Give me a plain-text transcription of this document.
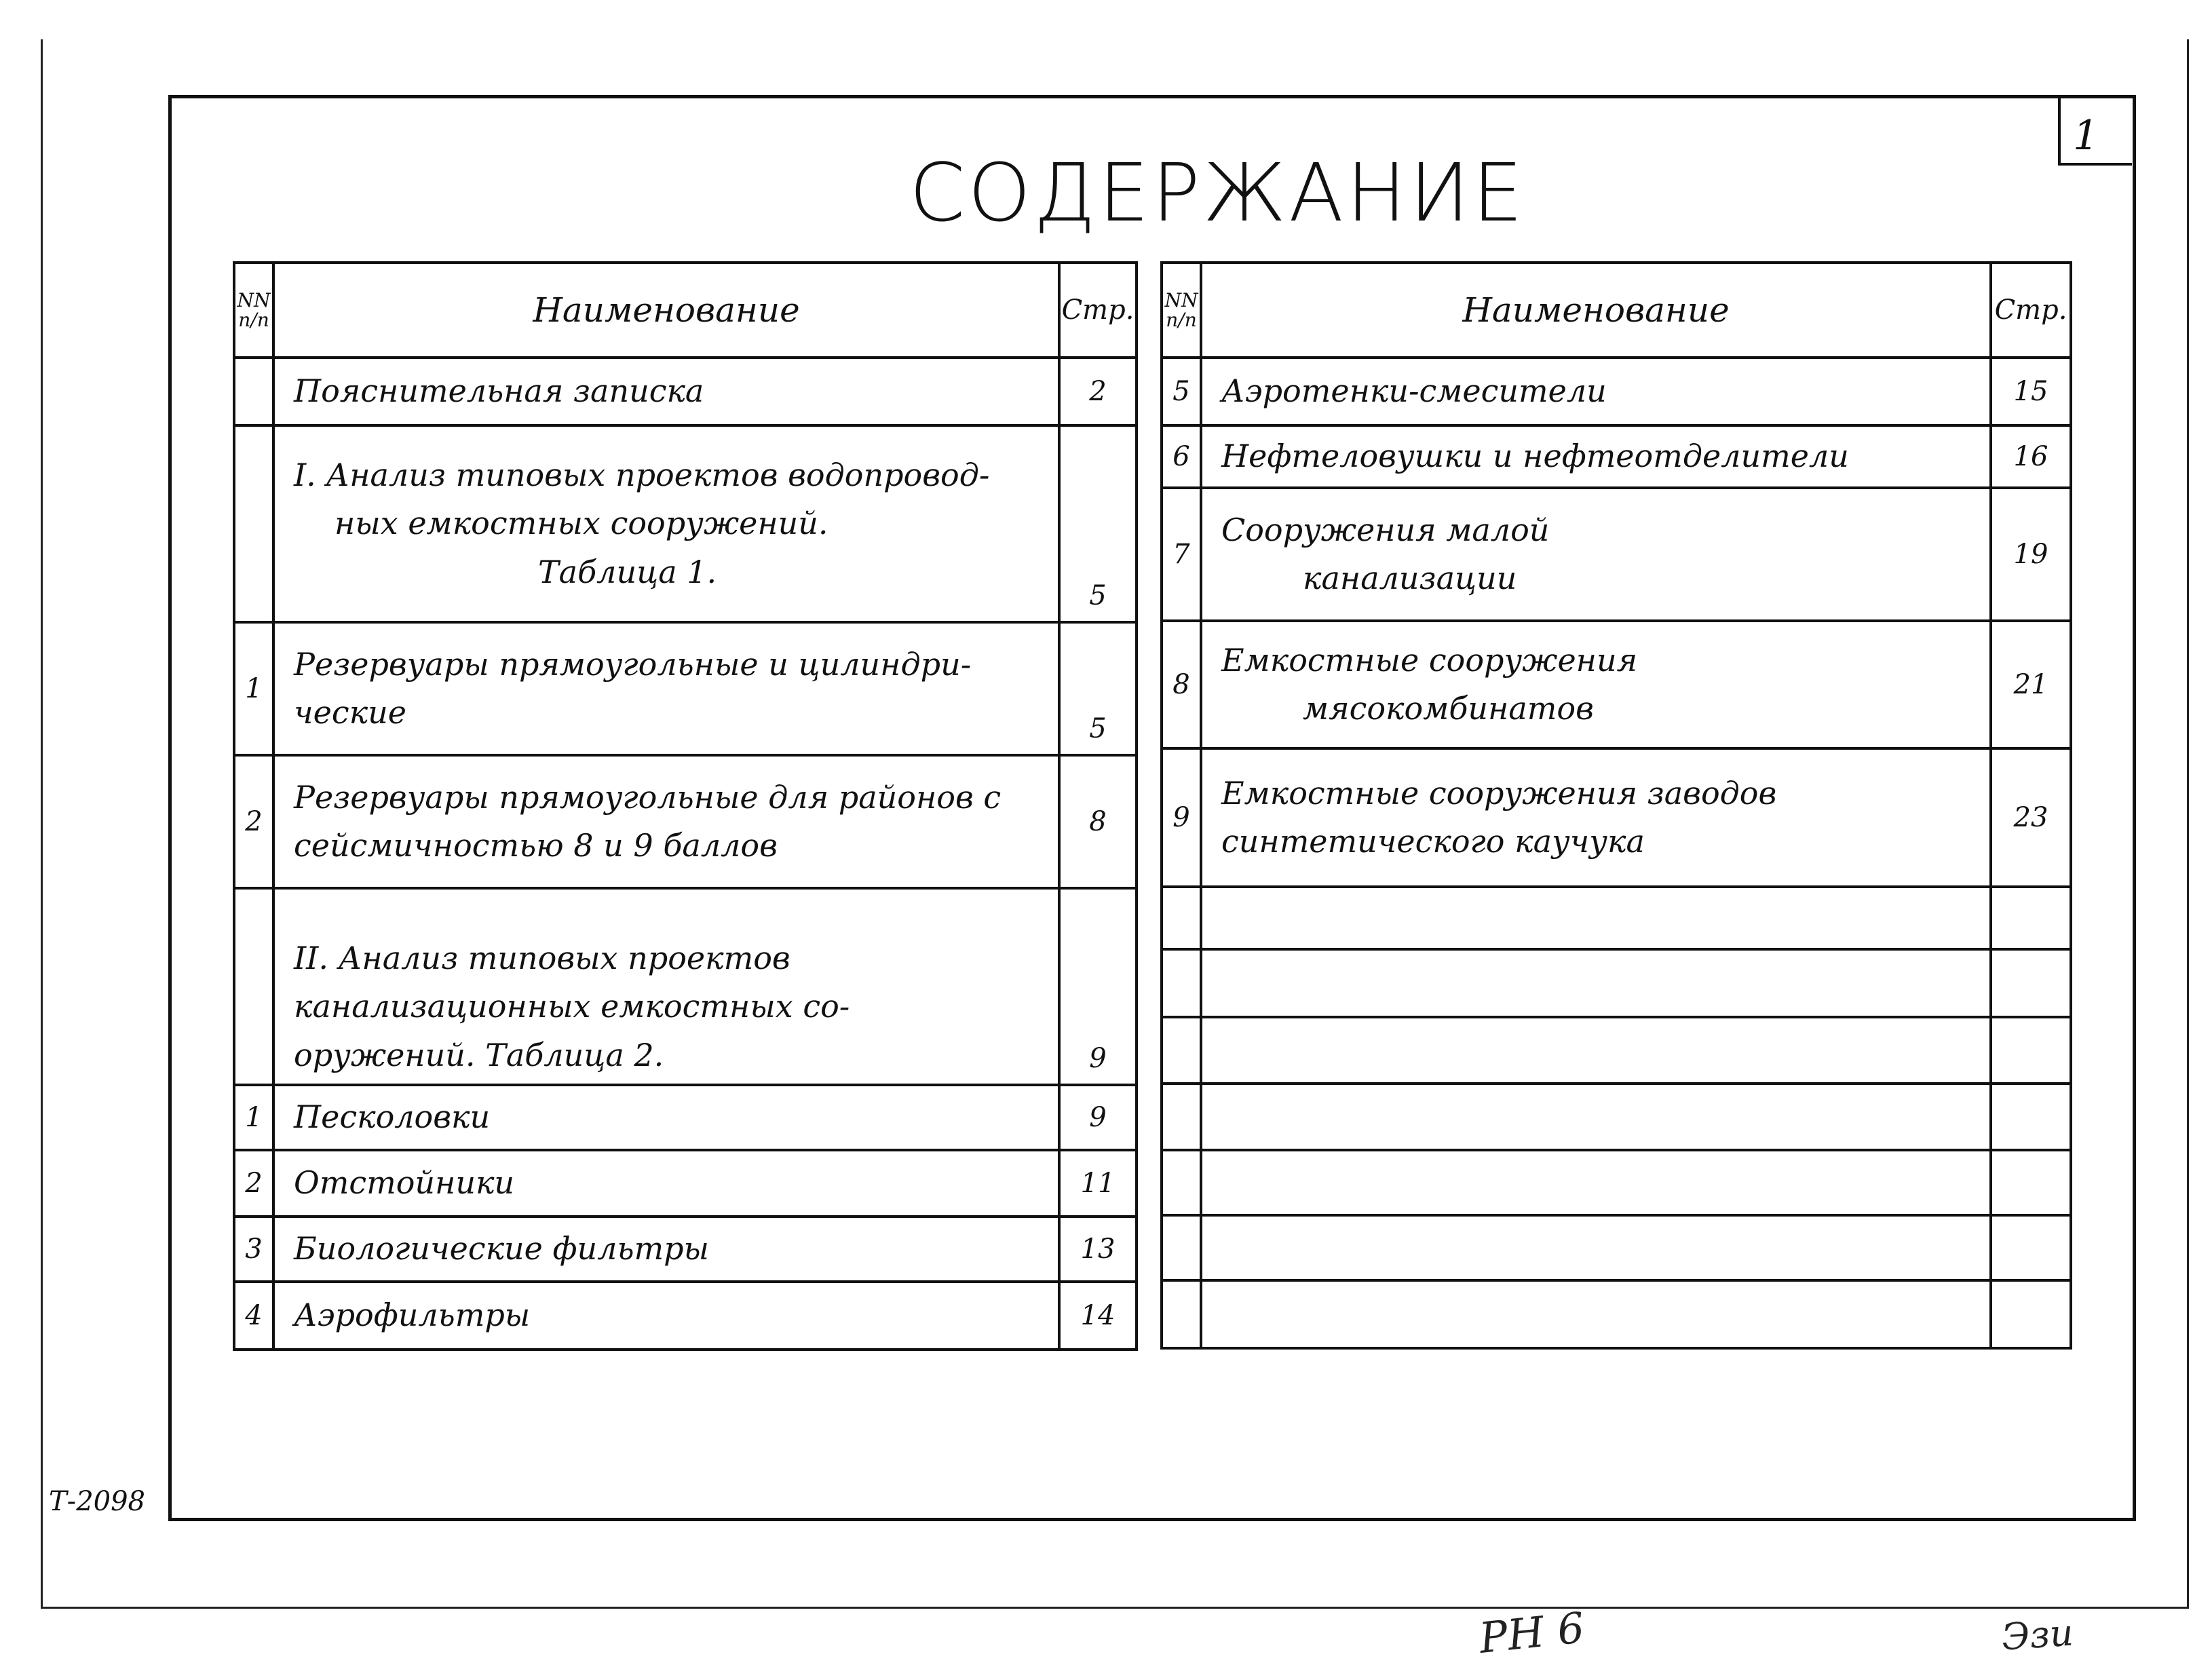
1
СОДЕРЖАНИЕ
NN п/п	Наименование	Стр.
	Пояснительная записка	2

	I. Анализ типовых проектов водопровод-
ных емкостных сооружений.
Таблица 1.	5
1	Резервуары прямоугольные и цилиндри-
ческие	5
2	Резервуары прямоугольные для районов с
сейсмичностью 8 и 9 баллов	8

	II. Анализ типовых проектов
канализационных емкостных со-
оружений. Таблица 2.	9
1	Песколовки	9
2	Отстойники	11
3	Биологические фильтры	13
4	Аэрофильтры	14
NN п/п	Наименование	Стр.
5	Аэротенки-смесители	15
6	Нефтеловушки и нефтеотделители	16
7	Сооружения малой
канализации	19
8	Емкостные сооружения
мясокомбинатов	21
9	Емкостные сооружения заводов
синтетического каучука	23

Т-2098
РН 6	Эзи
